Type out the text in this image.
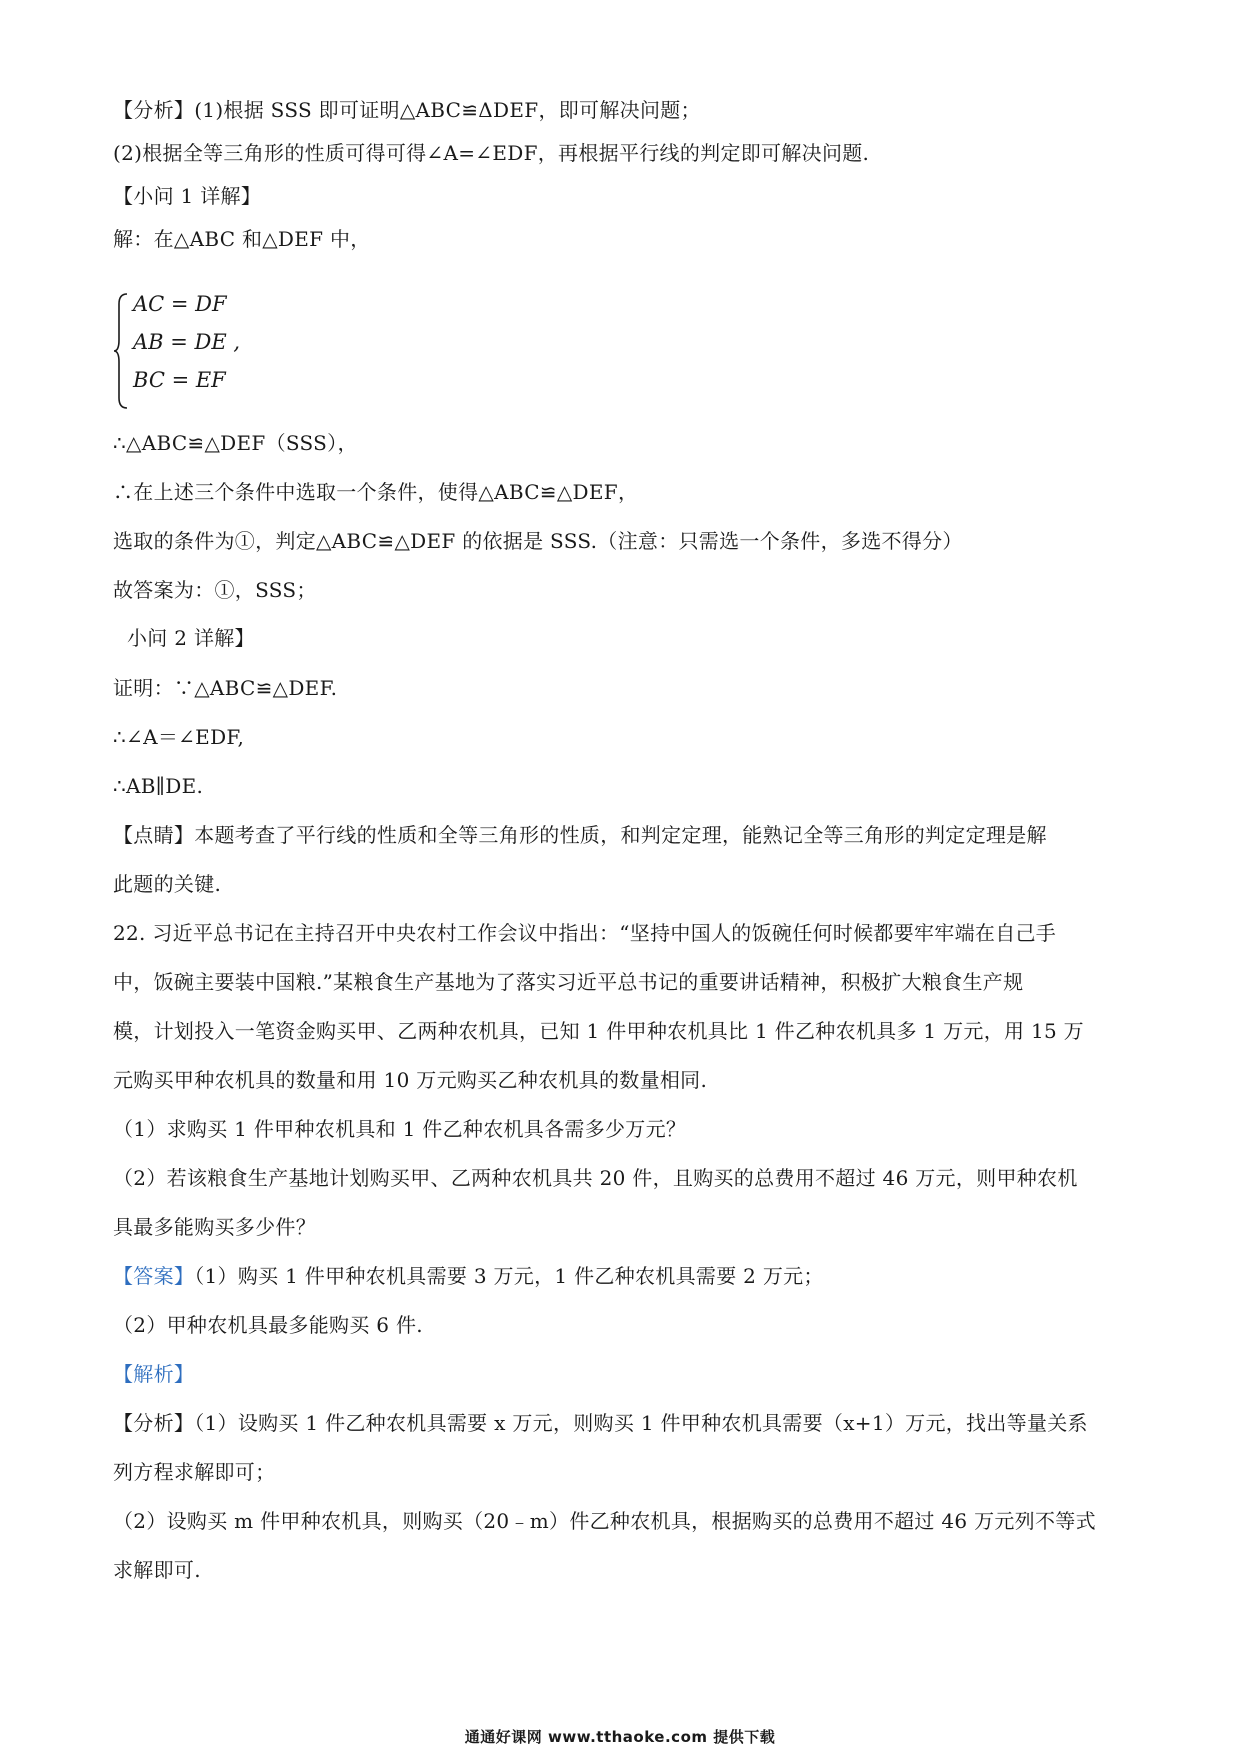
【分析】(1)根据 SSS 即可证明△ABC≌ΔDEF，即可解决问题；
(2)根据全等三角形的性质可得可得∠A=∠EDF，再根据平行线的判定即可解决问题.
【小问 1 详解】
解：在△ABC 和△DEF 中，
AC = DF
AB = DE ,
BC = EF
∴△ABC≌△DEF（SSS），
∴在上述三个条件中选取一个条件，使得△ABC≌△DEF，
选取的条件为①，判定△ABC≌△DEF 的依据是 SSS.（注意：只需选一个条件，多选不得分）
故答案为：①，SSS；
小问 2 详解】
证明：∵△ABC≌△DEF.
∴∠A＝∠EDF,
∴AB∥DE.
【点睛】本题考查了平行线的性质和全等三角形的性质，和判定定理，能熟记全等三角形的判定定理是解
此题的关键.
22. 习近平总书记在主持召开中央农村工作会议中指出：“坚持中国人的饭碗任何时候都要牢牢端在自己手
中，饭碗主要装中国粮.”某粮食生产基地为了落实习近平总书记的重要讲话精神，积极扩大粮食生产规
模，计划投入一笔资金购买甲、乙两种农机具，已知 1 件甲种农机具比 1 件乙种农机具多 1 万元，用 15 万
元购买甲种农机具的数量和用 10 万元购买乙种农机具的数量相同.
（1）求购买 1 件甲种农机具和 1 件乙种农机具各需多少万元？
（2）若该粮食生产基地计划购买甲、乙两种农机具共 20 件，且购买的总费用不超过 46 万元，则甲种农机
具最多能购买多少件？
【答案】（1）购买 1 件甲种农机具需要 3 万元，1 件乙种农机具需要 2 万元；
（2）甲种农机具最多能购买 6 件.
【解析】
【分析】（1）设购买 1 件乙种农机具需要 x 万元，则购买 1 件甲种农机具需要（x+1）万元，找出等量关系
列方程求解即可；
（2）设购买 m 件甲种农机具，则购买（20﹣m）件乙种农机具，根据购买的总费用不超过 46 万元列不等式
求解即可.
通通好课网 www.tthaoke.com 提供下载
